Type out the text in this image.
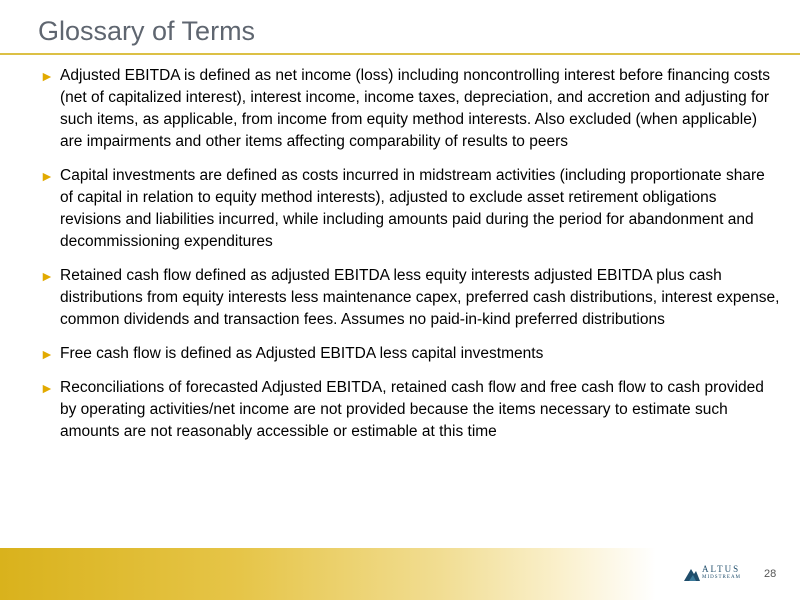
Glossary of Terms
► Adjusted EBITDA is defined as net income (loss) including noncontrolling interest before financing costs (net of capitalized interest), interest income, income taxes, depreciation, and accretion and adjusting for such items, as applicable, from income from equity method interests. Also excluded (when applicable) are impairments and other items affecting comparability of results to peers
► Capital investments are defined as costs incurred in midstream activities (including proportionate share of capital in relation to equity method interests), adjusted to exclude asset retirement obligations revisions and liabilities incurred, while including amounts paid during the period for abandonment and decommissioning expenditures
► Retained cash flow defined as adjusted EBITDA less equity interests adjusted EBITDA plus cash distributions from equity interests less maintenance capex, preferred cash distributions, interest expense, common dividends and transaction fees. Assumes no paid-in-kind preferred distributions
► Free cash flow is defined as Adjusted EBITDA less capital investments
► Reconciliations of forecasted Adjusted EBITDA, retained cash flow and free cash flow to cash provided by operating activities/net income are not provided because the items necessary to estimate such amounts are not reasonably accessible or estimable at this time
ALTUS
MIDSTREAM 28
